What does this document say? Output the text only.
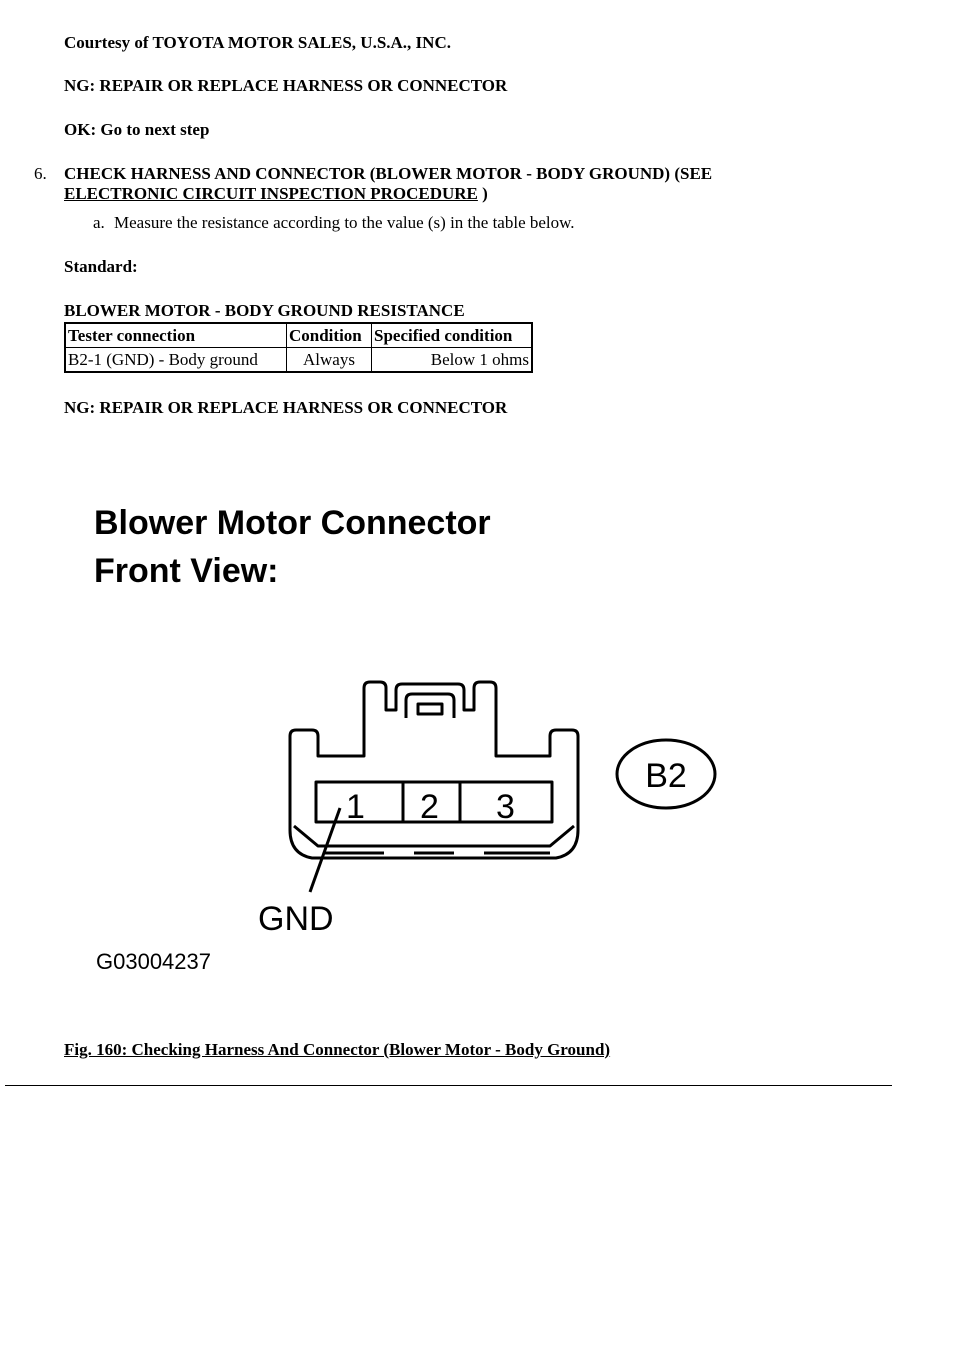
Courtesy of TOYOTA MOTOR SALES, U.S.A., INC.
NG: REPAIR OR REPLACE HARNESS OR CONNECTOR
OK: Go to next step
6. CHECK HARNESS AND CONNECTOR (BLOWER MOTOR - BODY GROUND) (SEE
ELECTRONIC CIRCUIT INSPECTION PROCEDURE )
a. Measure the resistance according to the value (s) in the table below.
Standard:
BLOWER MOTOR - BODY GROUND RESISTANCE
Tester connection	Condition	Specified condition
B2-1 (GND) - Body ground	Always	Below 1 ohms
NG: REPAIR OR REPLACE HARNESS OR CONNECTOR
Blower Motor Connector
Front View:
1 2 3
GND
B2
G03004237
Fig. 160: Checking Harness And Connector (Blower Motor - Body Ground)
